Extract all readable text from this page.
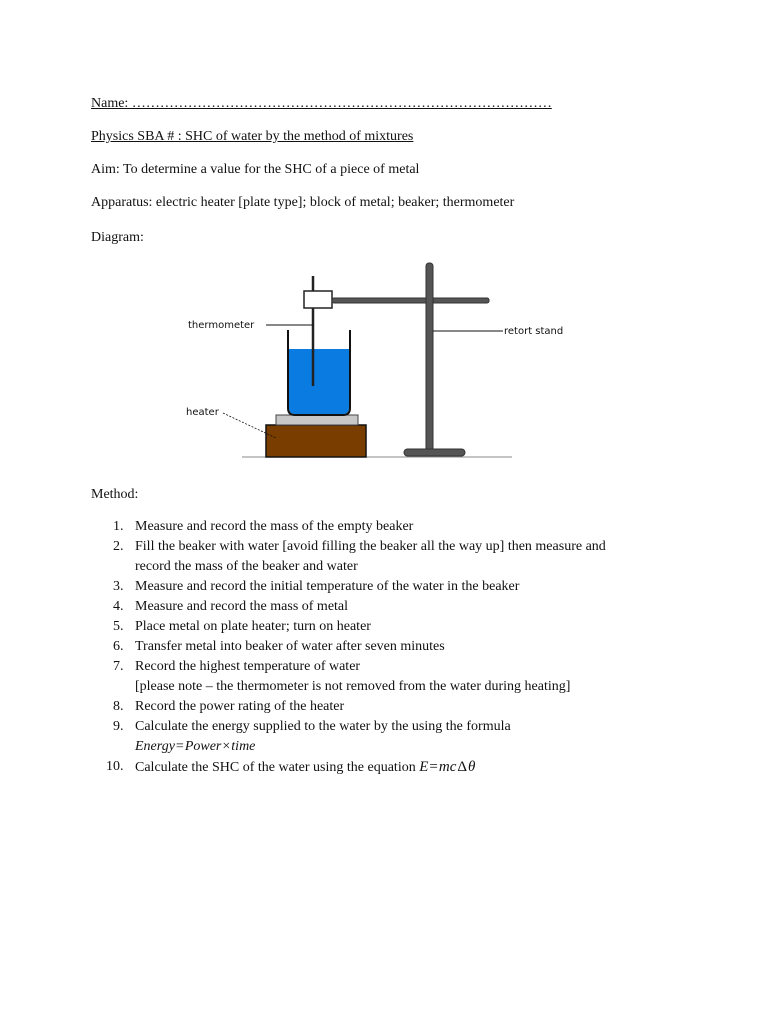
Name: ………………………………………………………………………………
Physics SBA # : SHC of water by the method of mixtures
Aim: To determine a value for the SHC of a piece of metal
Apparatus: electric heater [plate type]; block of metal; beaker; thermometer
Diagram:
thermometer
retort stand
heater
Method:
1. Measure and record the mass of the empty beaker
2. Fill the beaker with water [avoid filling the beaker all the way up] then measure and
record the mass of the beaker and water
3. Measure and record the initial temperature of the water in the beaker
4. Measure and record the mass of metal
5. Place metal on plate heater; turn on heater
6. Transfer metal into beaker of water after seven minutes
7. Record the highest temperature of water
[please note – the thermometer is not removed from the water during heating]
8. Record the power rating of the heater
9. Calculate the energy supplied to the water by the using the formula
Energy=Power×time
10. Calculate the SHC of the water using the equation E=mcΔθ
